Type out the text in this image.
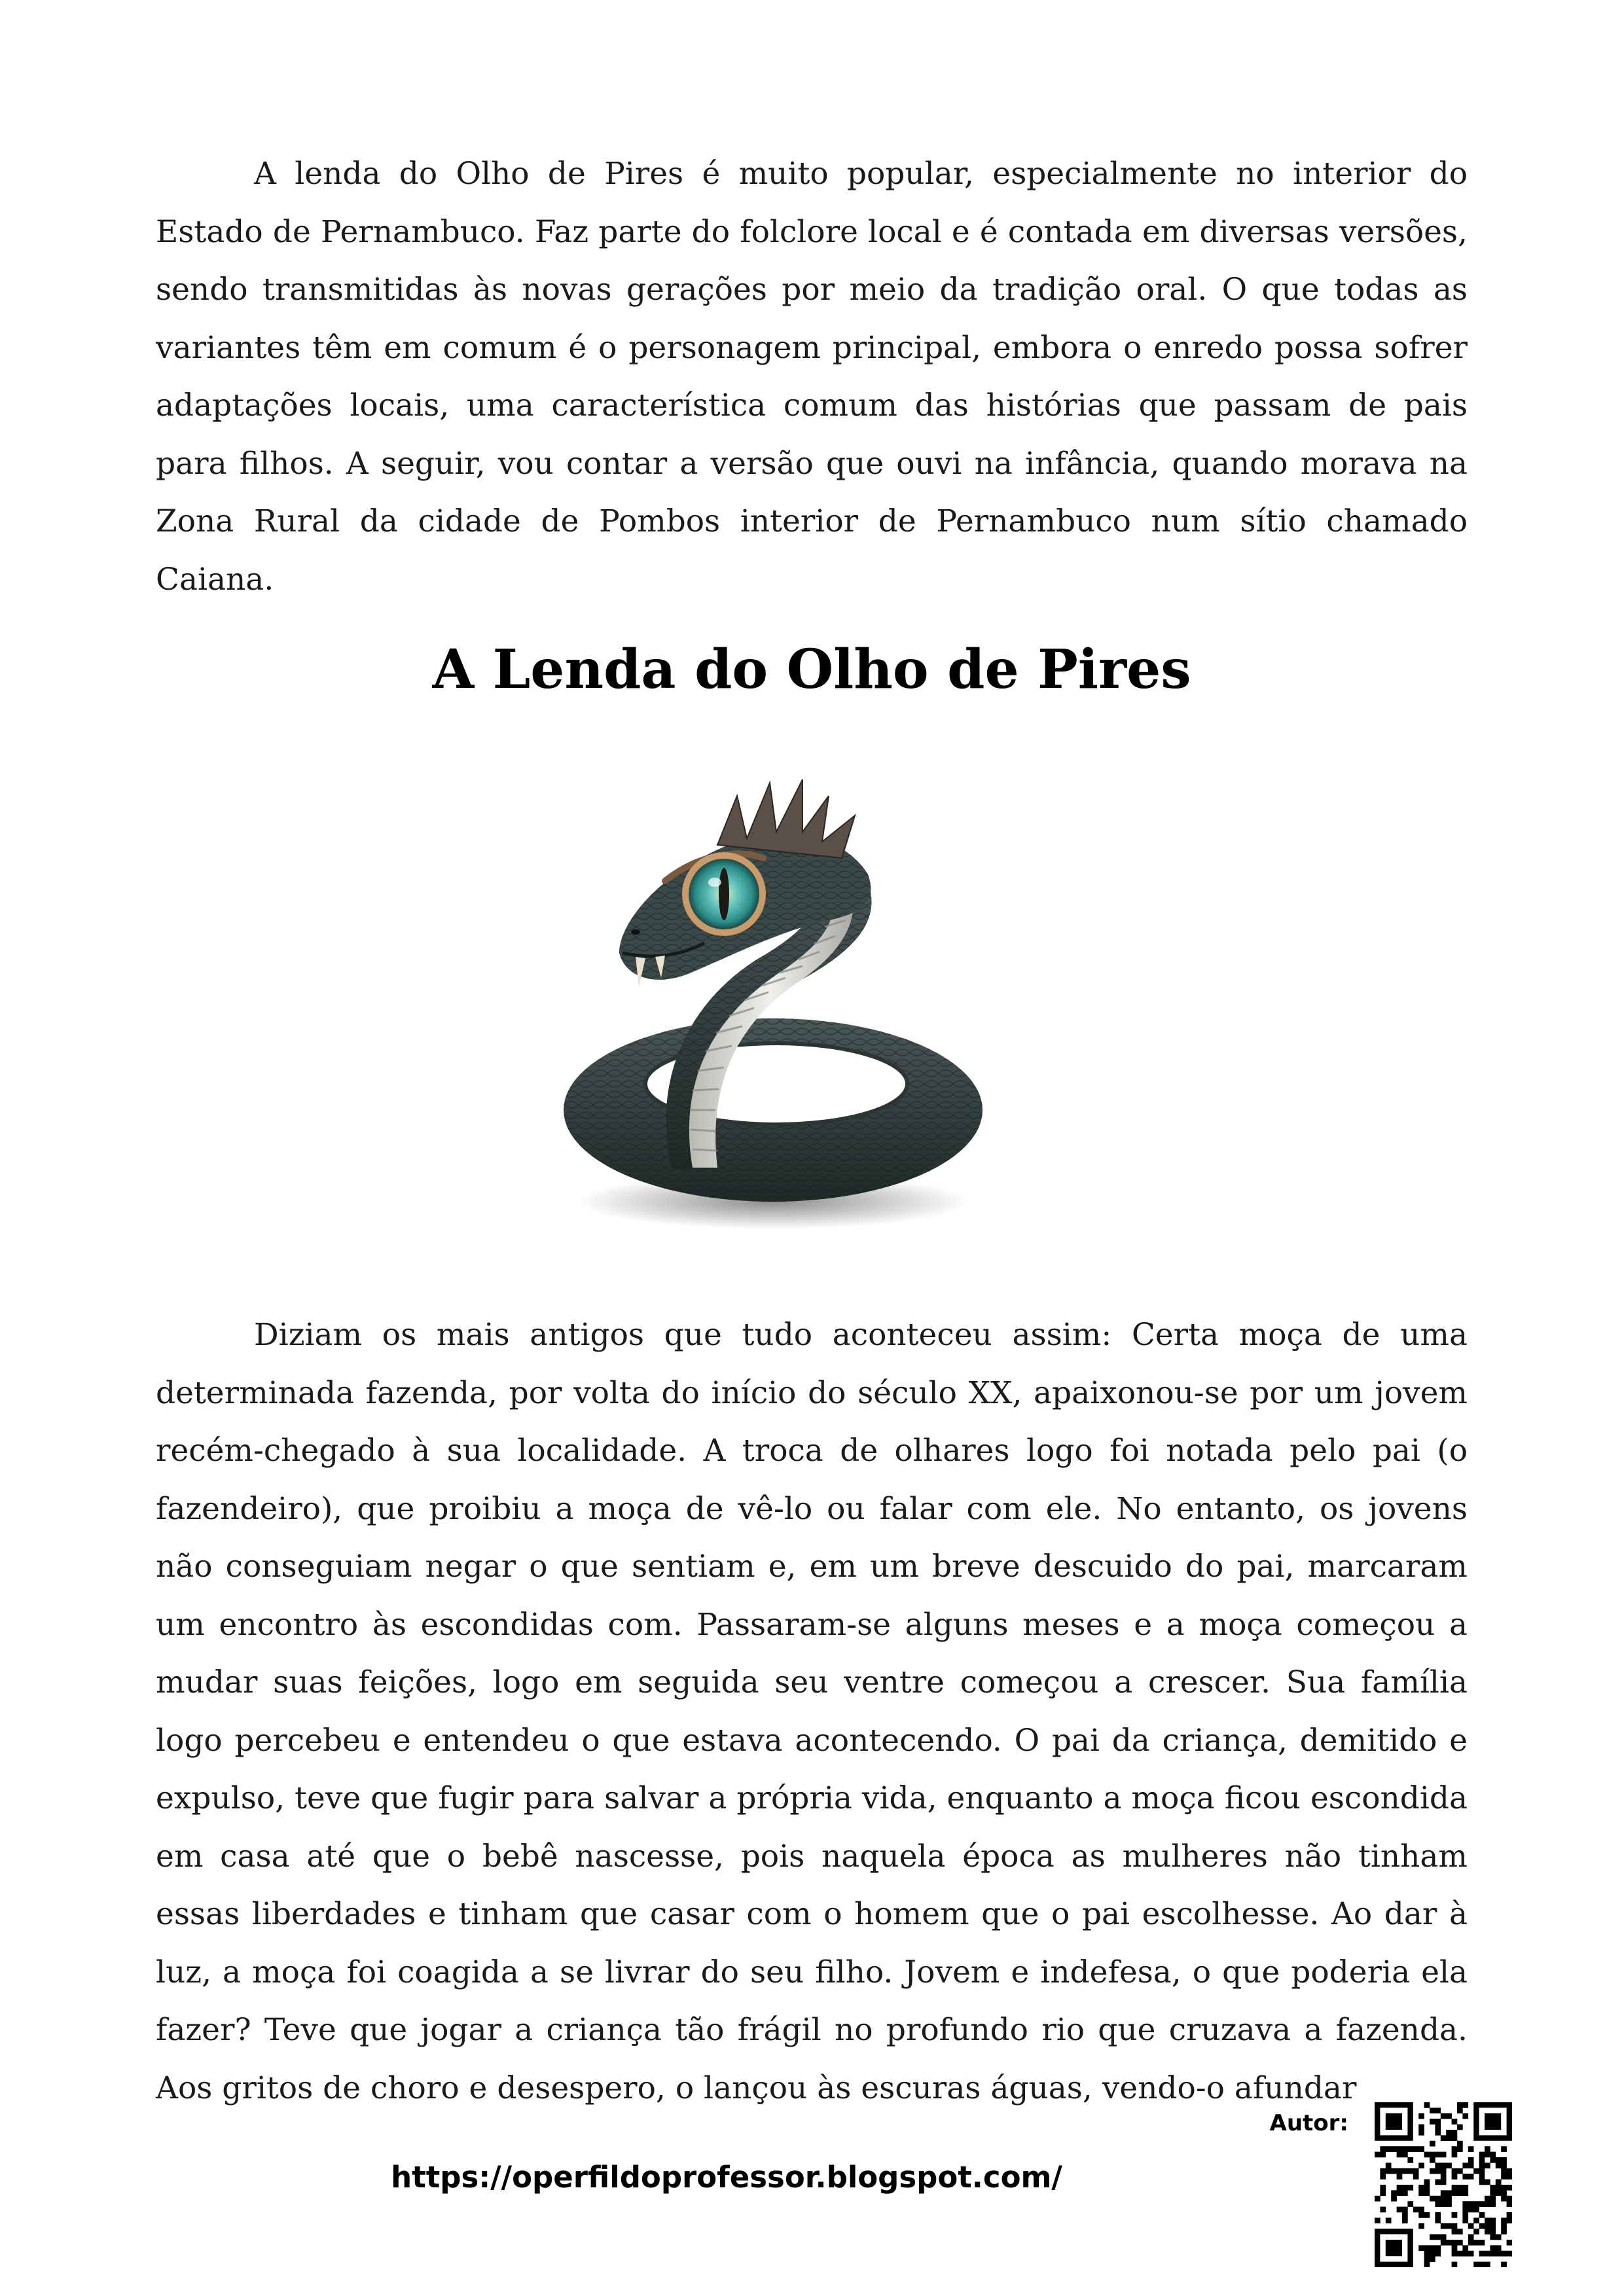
A lenda do Olho de Pires é muito popular, especialmente no interior do Estado de Pernambuco. Faz parte do folclore local e é contada em diversas versões, sendo transmitidas às novas gerações por meio da tradição oral. O que todas as variantes têm em comum é o personagem principal, embora o enredo possa sofrer adaptações locais, uma característica comum das histórias que passam de pais para filhos. A seguir, vou contar a versão que ouvi na infância, quando morava na Zona Rural da cidade de Pombos interior de Pernambuco num sítio chamado Caiana.

A Lenda do Olho de Pires

Diziam os mais antigos que tudo aconteceu assim: Certa moça de uma determinada fazenda, por volta do início do século XX, apaixonou-se por um jovem recém-chegado à sua localidade. A troca de olhares logo foi notada pelo pai (o fazendeiro), que proibiu a moça de vê-lo ou falar com ele. No entanto, os jovens não conseguiam negar o que sentiam e, em um breve descuido do pai, marcaram um encontro às escondidas com. Passaram-se alguns meses e a moça começou a mudar suas feições, logo em seguida seu ventre começou a crescer. Sua família logo percebeu e entendeu o que estava acontecendo. O pai da criança, demitido e expulso, teve que fugir para salvar a própria vida, enquanto a moça ficou escondida em casa até que o bebê nascesse, pois naquela época as mulheres não tinham essas liberdades e tinham que casar com o homem que o pai escolhesse. Ao dar à luz, a moça foi coagida a se livrar do seu filho. Jovem e indefesa, o que poderia ela fazer? Teve que jogar a criança tão frágil no profundo rio que cruzava a fazenda. Aos gritos de choro e desespero, o lançou às escuras águas, vendo-o afundar

https://operfildoprofessor.blogspot.com/
Autor:
